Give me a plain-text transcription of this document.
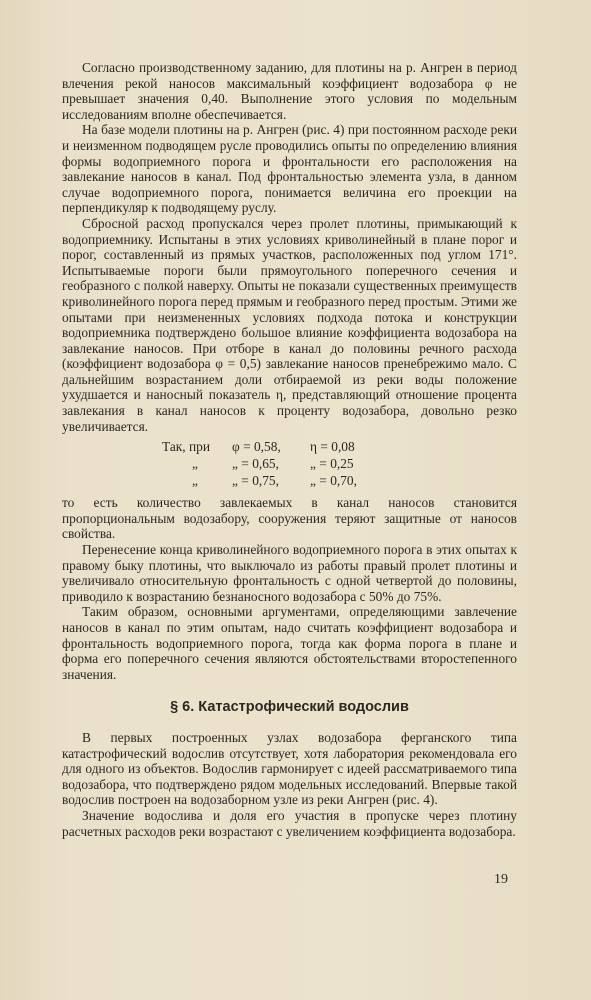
Согласно производственному заданию, для плотины на р. Ангрен в период влечения рекой наносов максимальный коэффициент водозабора φ не превышает значения 0,40. Выполнение этого условия по модельным исследованиям вполне обеспечивается.

На базе модели плотины на р. Ангрен (рис. 4) при постоянном расходе реки и неизменном подводящем русле проводились опыты по определению влияния формы водоприемного порога и фронтальности его расположения на завлекание наносов в канал. Под фронтальностью элемента узла, в данном случае водоприемного порога, понимается величина его проекции на перпендикуляр к подводящему руслу.

Сбросной расход пропускался через пролет плотины, примыкающий к водоприемнику. Испытаны в этих условиях криволинейный в плане порог и порог, составленный из прямых участков, расположенных под углом 171°. Испытываемые пороги были прямоугольного поперечного сечения и геобразного с полкой наверху. Опыты не показали существенных преимуществ криволинейного порога перед прямым и геобразного перед простым. Этими же опытами при неизмененных условиях подхода потока и конструкции водоприемника подтверждено большое влияние коэффициента водозабора на завлекание наносов. При отборе в канал до половины речного расхода (коэффициент водозабора φ = 0,5) завлекание наносов пренебрежимо мало. С дальнейшим возрастанием доли отбираемой из реки воды положение ухудшается и наносный показатель η, представляющий отношение процента завлекания в канал наносов к проценту водозабора, довольно резко увеличивается.

Так, при	φ = 0,58,	η = 0,08
„	„ = 0,65,	„ = 0,25
„	„ = 0,75,	„ = 0,70,

то есть количество завлекаемых в канал наносов становится пропорциональным водозабору, сооружения теряют защитные от наносов свойства.

Перенесение конца криволинейного водоприемного порога в этих опытах к правому быку плотины, что выключало из работы правый пролет плотины и увеличивало относительную фронтальность с одной четвертой до половины, приводило к возрастанию безнаносного водозабора с 50% до 75%.

Таким образом, основными аргументами, определяющими завлечение наносов в канал по этим опытам, надо считать коэффициент водозабора и фронтальность водоприемного порога, тогда как форма порога в плане и форма его поперечного сечения являются обстоятельствами второстепенного значения.

§ 6. Катастрофический водослив

В первых построенных узлах водозабора ферганского типа катастрофический водослив отсутствует, хотя лаборатория рекомендовала его для одного из объектов. Водослив гармонирует с идеей рассматриваемого типа водозабора, что подтверждено рядом модельных исследований. Впервые такой водослив построен на водозаборном узле из реки Ангрен (рис. 4).

Значение водослива и доля его участия в пропуске через плотину расчетных расходов реки возрастают с увеличением коэффициента водозабора.

19
